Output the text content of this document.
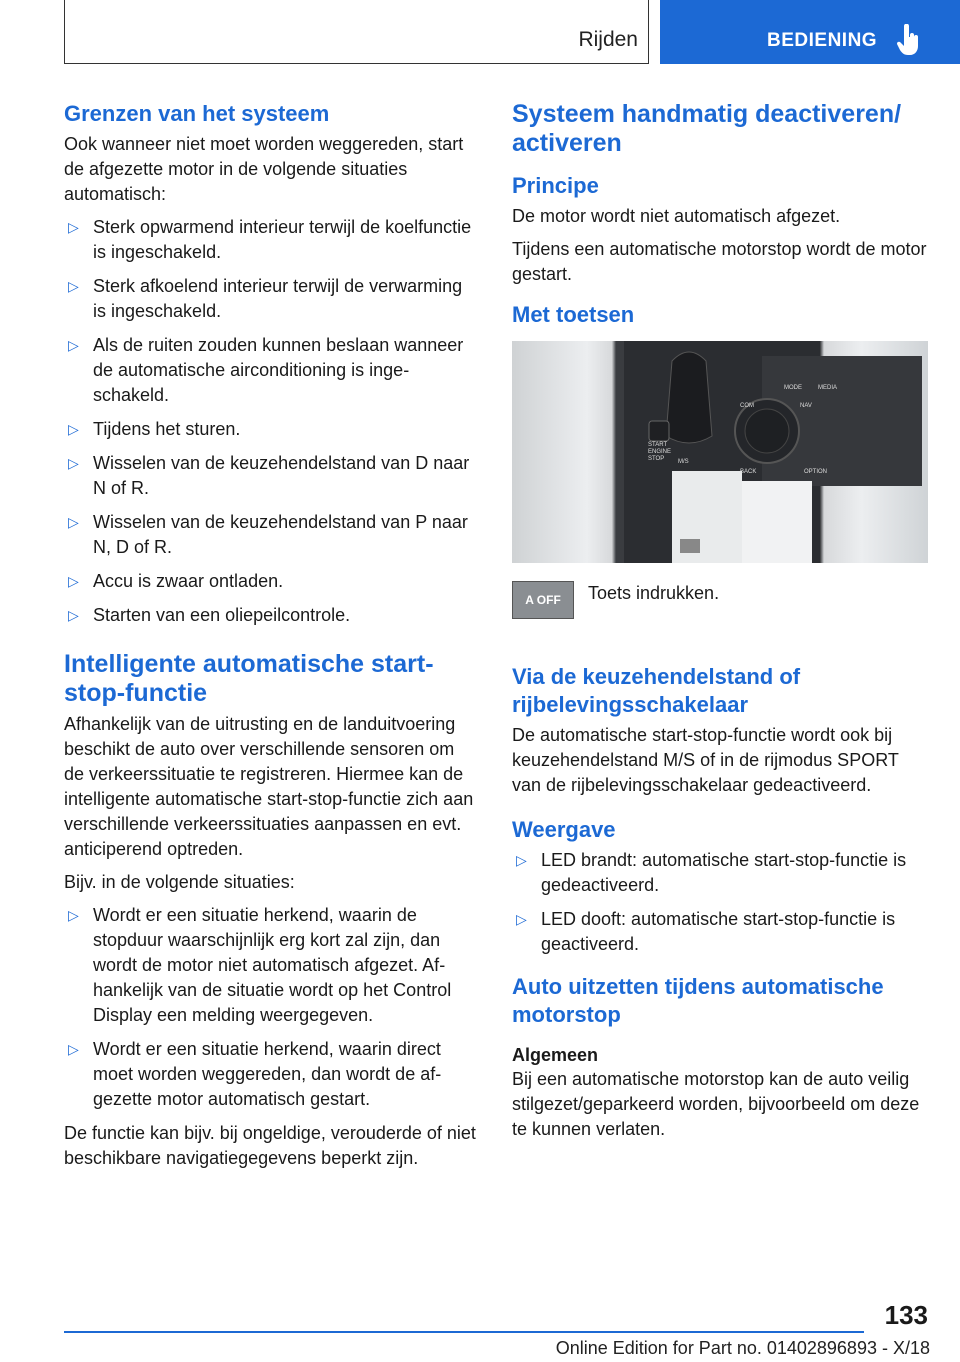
Rijden	BEDIENING
Grenzen van het systeem

Ook wanneer niet moet worden weggereden, start de afgezette motor in de volgende situaties automatisch:

▷ Sterk opwarmend interieur terwijl de koelfunctie is ingeschakeld.
▷ Sterk afkoelend interieur terwijl de verwarming is ingeschakeld.
▷ Als de ruiten zouden kunnen beslaan wanneer de automatische airconditioning is ingeschakeld.
▷ Tijdens het sturen.
▷ Wisselen van de keuzehendelstand van D naar N of R.
▷ Wisselen van de keuzehendelstand van P naar N, D of R.
▷ Accu is zwaar ontladen.
▷ Starten van een oliepeilcontrole.
Intelligente automatische start-stop-functie

Afhankelijk van de uitrusting en de landuitvoering beschikt de auto over verschillende sensoren om de verkeerssituatie te registreren. Hiermee kan de intelligente automatische start-stop-functie zich aan verschillende verkeerssituaties aanpassen en evt. anticiperend optreden.

Bijv. in de volgende situaties:

▷ Wordt er een situatie herkend, waarin de stopduur waarschijnlijk erg kort zal zijn, dan wordt de motor niet automatisch afgezet. Afhankelijk van de situatie wordt op het Control Display een melding weergegeven.
▷ Wordt er een situatie herkend, waarin direct moet worden weggereden, dan wordt de afgezette motor automatisch gestart.

De functie kan bijv. bij ongeldige, verouderde of niet beschikbare navigatiegegevens beperkt zijn.

Systeem handmatig deactiveren/ activeren
Principe

De motor wordt niet automatisch afgezet.

Tijdens een automatische motorstop wordt de motor gestart.

Met toetsen
MODE	MEDIA
COM	NAV
START ENGINE STOP	M/S
BACK	OPTION
A OFF	Toets indrukken.
Via de keuzehendelstand of rijbelevingsschakelaar

De automatische start-stop-functie wordt ook bij keuzehendelstand M/S of in de rijmodus SPORT van de rijbelevingsschakelaar gedeactiveerd.

Weergave
▷ LED brandt: automatische start-stop-functie is gedeactiveerd.
▷ LED dooft: automatische start-stop-functie is geactiveerd.
Auto uitzetten tijdens automatische motorstop
Algemeen

Bij een automatische motorstop kan de auto veilig stilgezet/geparkeerd worden, bijvoorbeeld om deze te kunnen verlaten.

133
Online Edition for Part no. 01402896893 - X/18
